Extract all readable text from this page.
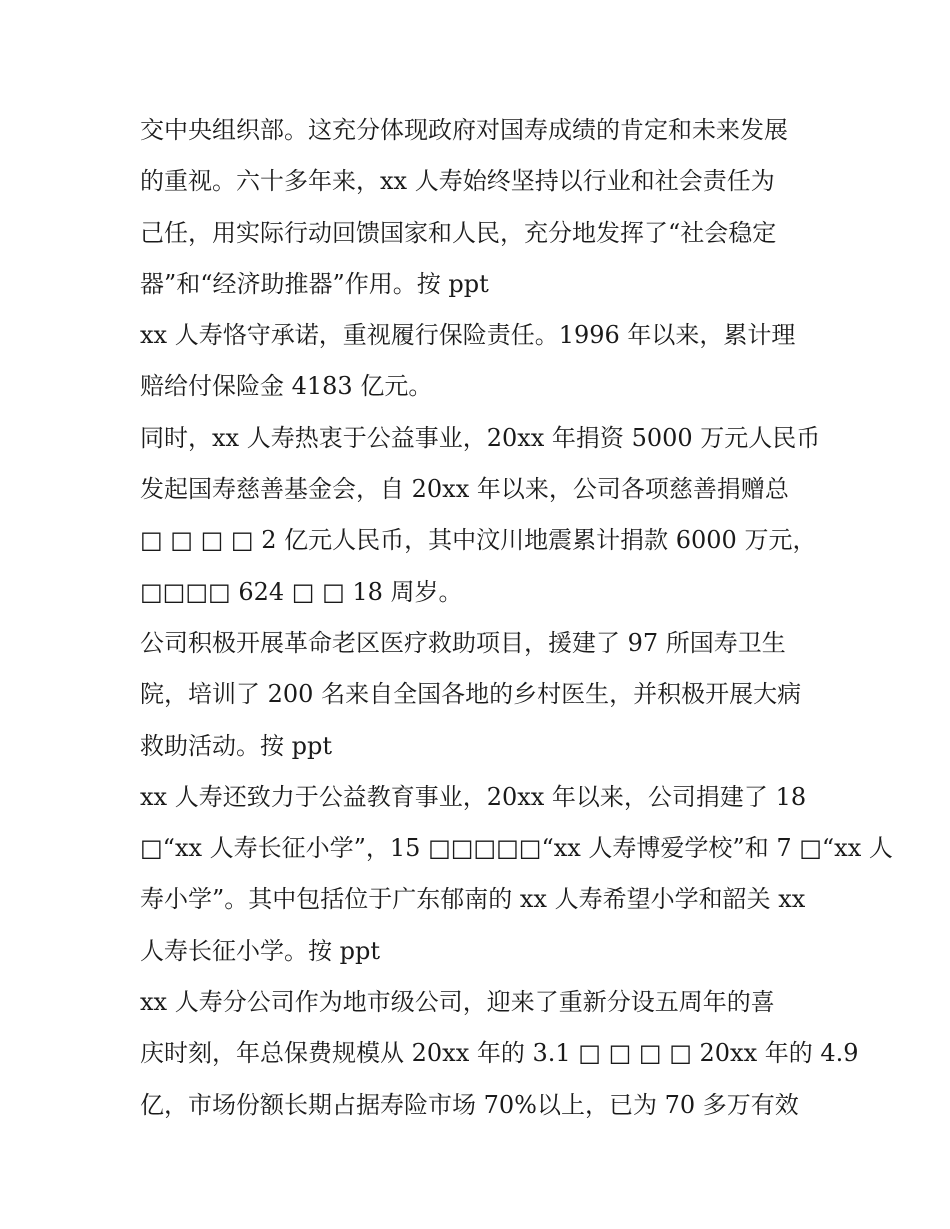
交中央组织部。这充分体现政府对国寿成绩的肯定和未来发展
的重视。六十多年来，xx 人寿始终坚持以行业和社会责任为
己任，用实际行动回馈国家和人民，充分地发挥了“社会稳定
器”和“经济助推器”作用。按 ppt
xx 人寿恪守承诺，重视履行保险责任。1996 年以来，累计理
赔给付保险金 4183 亿元。
同时，xx 人寿热衷于公益事业，20xx 年捐资 5000 万元人民币
发起国寿慈善基金会，自 20xx 年以来，公司各项慈善捐赠总
□ □ □ □ 2 亿元人民币，其中汶川地震累计捐款 6000 万元，
□□□□ 624 □ □ 18 周岁。
公司积极开展革命老区医疗救助项目，援建了 97 所国寿卫生
院，培训了 200 名来自全国各地的乡村医生，并积极开展大病
救助活动。按 ppt
xx 人寿还致力于公益教育事业，20xx 年以来，公司捐建了 18
□“xx 人寿长征小学”，15 □□□□□“xx 人寿博爱学校”和 7 □“xx 人
寿小学”。其中包括位于广东郁南的 xx 人寿希望小学和韶关 xx
人寿长征小学。按 ppt
xx 人寿分公司作为地市级公司，迎来了重新分设五周年的喜
庆时刻，年总保费规模从 20xx 年的 3.1 □ □ □ □ 20xx 年的 4.9
亿，市场份额长期占据寿险市场 70%以上，已为 70 多万有效
